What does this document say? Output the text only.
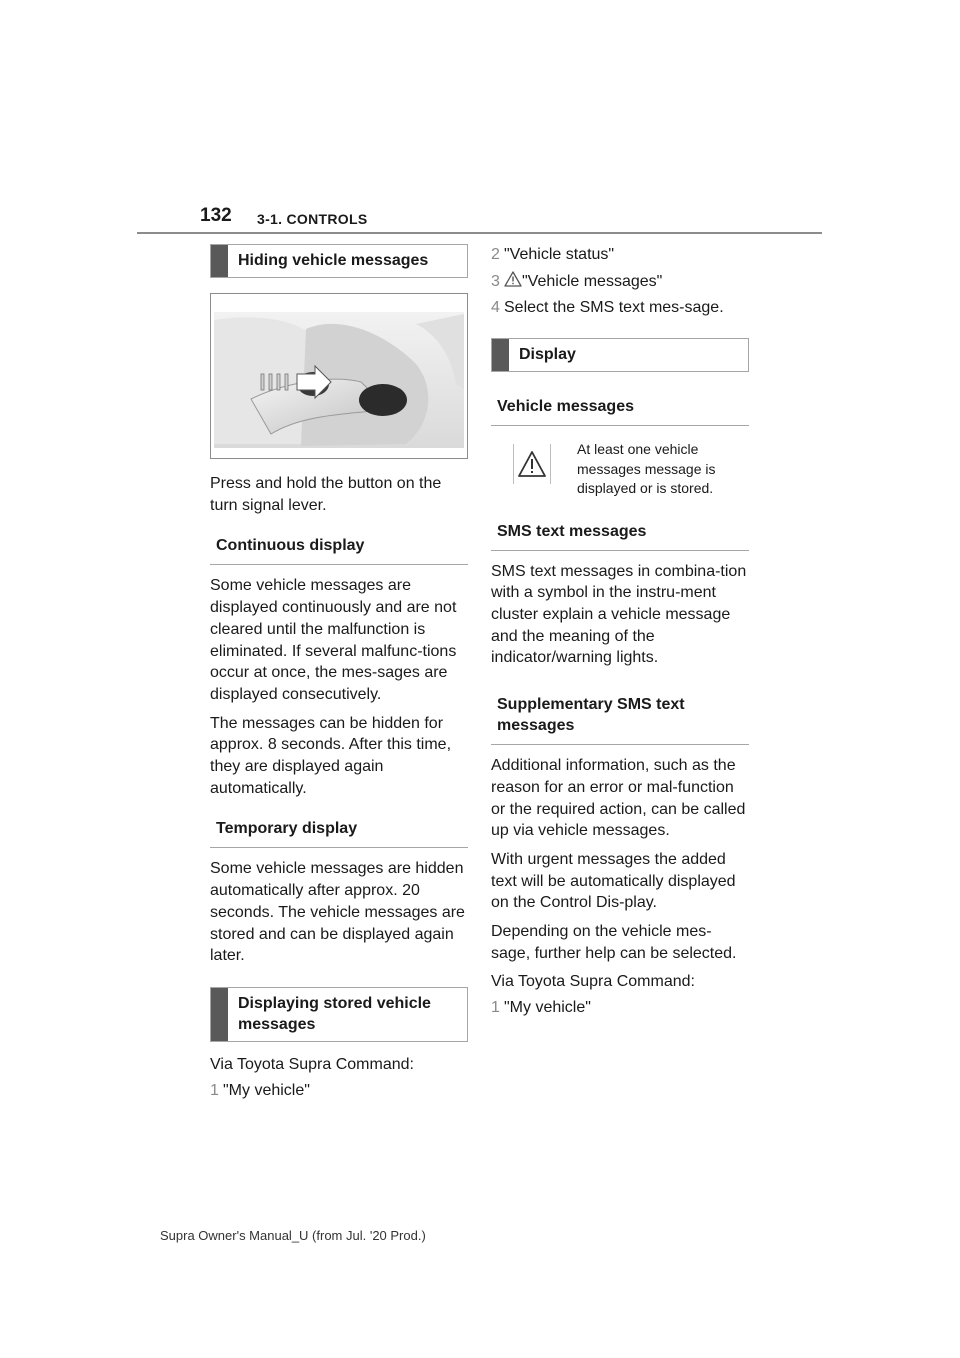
132 3-1. CONTROLS
Hiding vehicle messages

Press and hold the button on the turn signal lever.

Continuous display

Some vehicle messages are displayed continuously and are not cleared until the malfunction is eliminated. If several malfunc-tions occur at once, the mes-sages are displayed consecutively.

The messages can be hidden for approx. 8 seconds. After this time, they are displayed again automatically.

Temporary display

Some vehicle messages are hidden automatically after approx. 20 seconds. The vehicle messages are stored and can be displayed again later.

Displaying stored vehicle messages

Via Toyota Supra Command:

1 "My vehicle"
2 "Vehicle status"
3 "Vehicle messages"
4 Select the SMS text mes-sage.
Display
Vehicle messages
At least one vehicle messages message is displayed or is stored.
SMS text messages

SMS text messages in combina-tion with a symbol in the instru-ment cluster explain a vehicle message and the meaning of the indicator/warning lights.

Supplementary SMS text messages

Additional information, such as the reason for an error or mal-function or the required action, can be called up via vehicle messages.

With urgent messages the added text will be automatically displayed on the Control Dis-play.

Depending on the vehicle mes-sage, further help can be selected.

Via Toyota Supra Command:

1 "My vehicle"
Supra Owner's Manual_U (from Jul. '20 Prod.)
